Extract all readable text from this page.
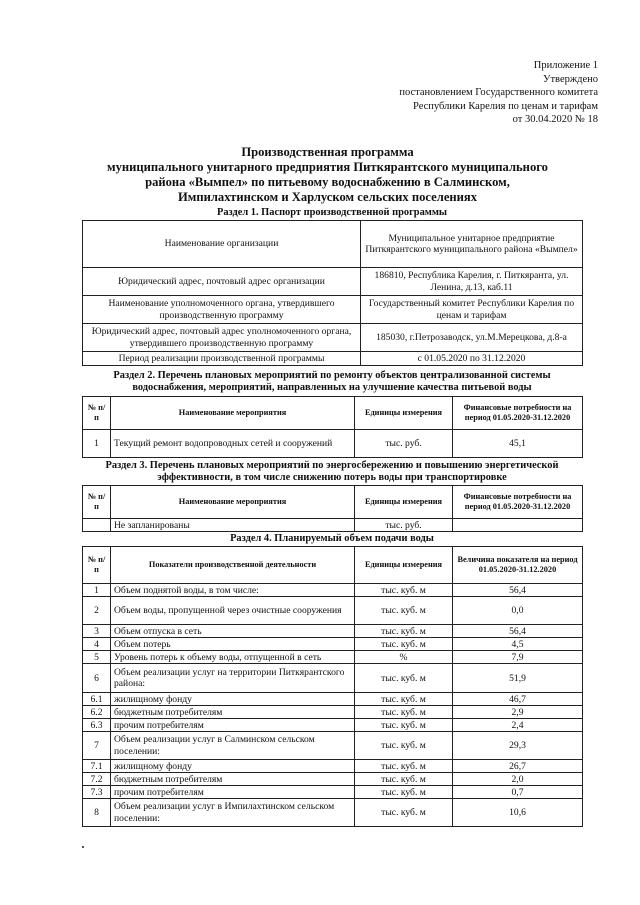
Приложение 1
Утверждено
постановлением Государственного комитета
Республики Карелия по ценам и тарифам
от 30.04.2020 № 18
Производственная программа
муниципального унитарного предприятия Питкярантского муниципального
района «Вымпел» по питьевому водоснабжению в Салминском,
Импилахтинском и Харлуском сельских поселениях
Раздел 1. Паспорт производственной программы
Наименование организации	Муниципальное унитарное предприятие Питкярантского муниципального района «Вымпел»
Юридический адрес, почтовый адрес организации	186810, Республика Карелия, г. Питкяранта, ул. Ленина, д.13, каб.11
Наименование уполномоченного органа, утвердившего производственную программу	Государственный комитет Республики Карелия по ценам и тарифам
Юридический адрес, почтовый адрес уполномоченного органа, утвердившего производственную программу	185030, г.Петрозаводск, ул.М.Мерецкова, д.8-а
Период реализации производственной программы	с 01.05.2020 по 31.12.2020
Раздел 2. Перечень плановых мероприятий по ремонту объектов централизованной системы
водоснабжения, мероприятий, направленных на улучшение качества питьевой воды
№ п/п	Наименование мероприятия	Единицы измерения	Финансовые потребности на период 01.05.2020-31.12.2020
1	Текущий ремонт водопроводных сетей и сооружений	тыс. руб.	45,1
Раздел 3. Перечень плановых мероприятий по энергосбережению и повышению энергетической
эффективности, в том числе снижению потерь воды при транспортировке
№ п/п	Наименование мероприятия	Единицы измерения	Финансовые потребности на период 01.05.2020-31.12.2020
	Не запланированы	тыс. руб.	
Раздел 4. Планируемый объем подачи воды
№ п/п	Показатели производственной деятельности	Единицы измерения	Величина показателя на период 01.05.2020-31.12.2020
1	Объем поднятой воды, в том числе:	тыс. куб. м	56,4
2	Объем воды, пропущенной через очистные сооружения	тыс. куб. м	0,0
3	Объем отпуска в сеть	тыс. куб. м	56,4
4	Объем потерь	тыс. куб. м	4,5
5	Уровень потерь к объему воды, отпущенной в сеть	%	7,9
6	Объем реализации услуг на территории Питкярантского района:	тыс. куб. м	51,9
6.1	жилищному фонду	тыс. куб. м	46,7
6.2	бюджетным потребителям	тыс. куб. м	2,9
6.3	прочим потребителям	тыс. куб. м	2,4
7	Объем реализации услуг в Салминском сельском поселении:	тыс. куб. м	29,3
7.1	жилищному фонду	тыс. куб. м	26,7
7.2	бюджетным потребителям	тыс. куб. м	2,0
7.3	прочим потребителям	тыс. куб. м	0,7
8	Объем реализации услуг в Импилахтинском сельском поселении:	тыс. куб. м	10,6
